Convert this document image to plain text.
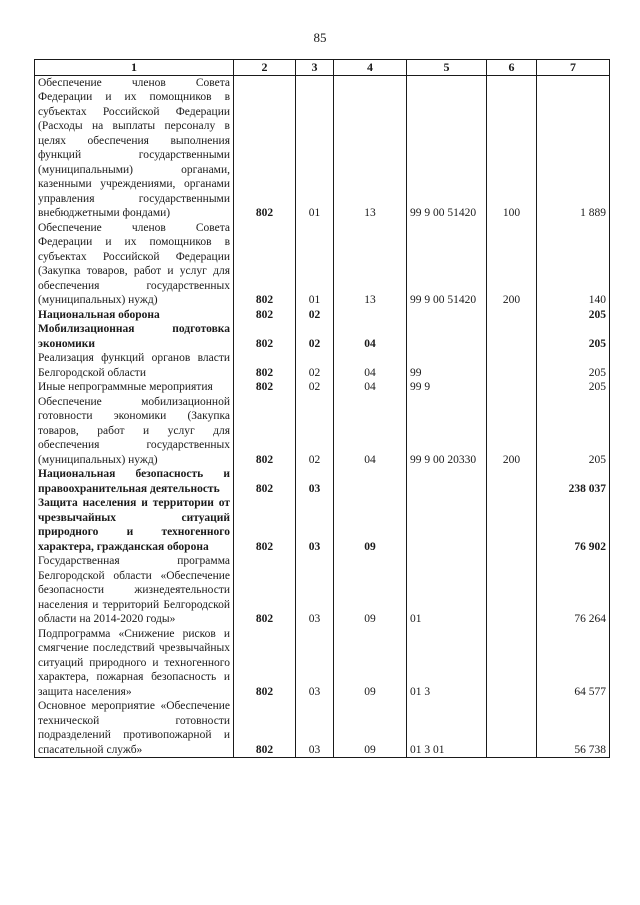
85
1	2	3	4	5	6	7
Обеспечение членов Совета Федерации и их помощников в субъектах Российской Федерации (Расходы на выплаты персоналу в целях обеспечения выполнения функций государственными (муниципальными) органами, казенными учреждениями, органами управления государственными внебюджетными фондами)	802	01	13	99 9 00 51420	100	1 889
Обеспечение членов Совета Федерации и их помощников в субъектах Российской Федерации (Закупка товаров, работ и услуг для обеспечения государственных (муниципальных) нужд)	802	01	13	99 9 00 51420	200	140
Национальная оборона	802	02				205
Мобилизационная подготовка экономики	802	02	04			205
Реализация функций органов власти Белгородской области	802	02	04	99		205
Иные непрограммные мероприятия	802	02	04	99 9		205
Обеспечение мобилизационной готовности экономики (Закупка товаров, работ и услуг для обеспечения государственных (муниципальных) нужд)	802	02	04	99 9 00 20330	200	205
Национальная безопасность и правоохранительная деятельность	802	03				238 037
Защита населения и территории от чрезвычайных ситуаций природного и техногенного характера, гражданская оборона	802	03	09			76 902
Государственная программа Белгородской области «Обеспечение безопасности жизнедеятельности населения и территорий Белгородской области на 2014-2020 годы»	802	03	09	01		76 264
Подпрограмма «Снижение рисков и смягчение последствий чрезвычайных ситуаций природного и техногенного характера, пожарная безопасность и защита населения»	802	03	09	01 3		64 577
Основное мероприятие «Обеспечение технической готовности подразделений противопожарной и спасательной служб»	802	03	09	01 3 01		56 738
